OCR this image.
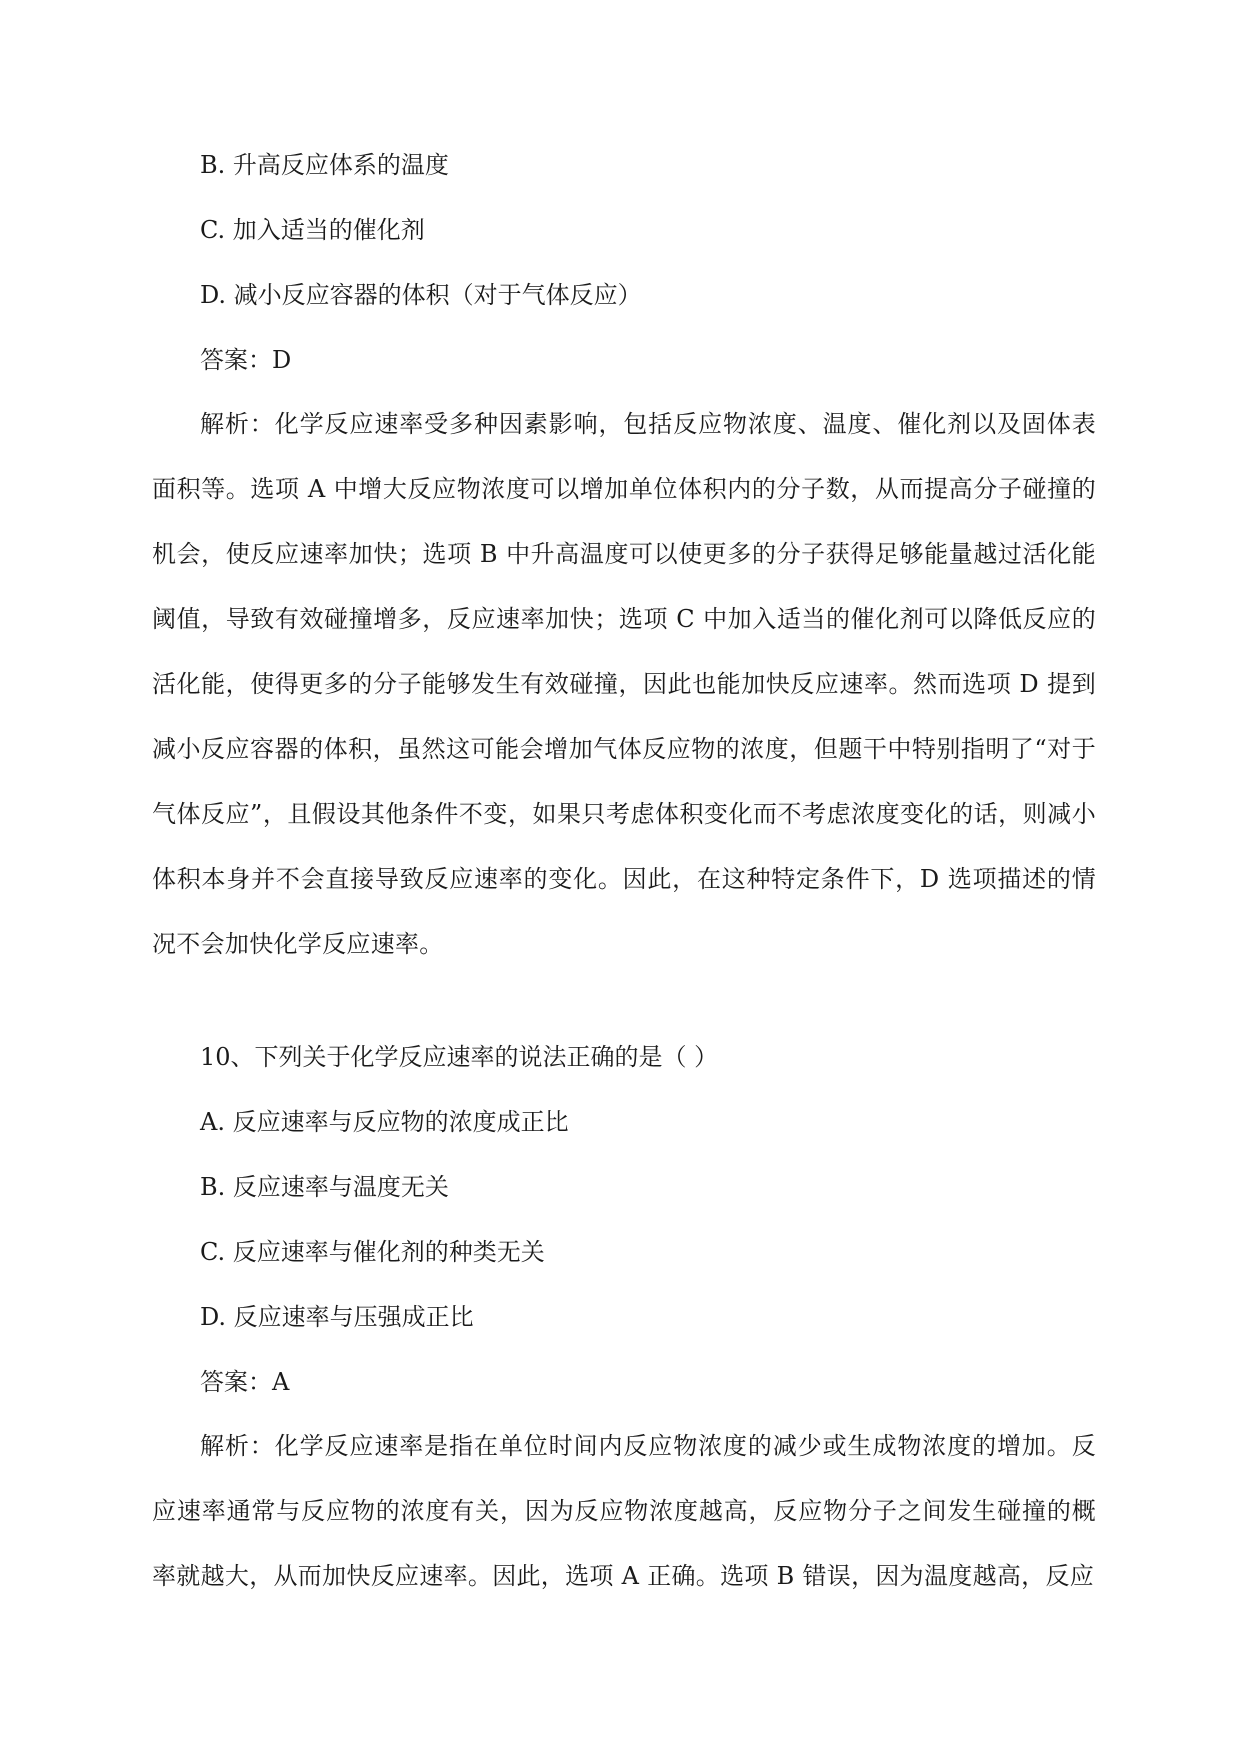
B. 升高反应体系的温度
C. 加入适当的催化剂
D. 减小反应容器的体积（对于气体反应）
答案：D
解析：化学反应速率受多种因素影响，包括反应物浓度、温度、催化剂以及固体表面积等。选项 A 中增大反应物浓度可以增加单位体积内的分子数，从而提高分子碰撞的机会，使反应速率加快；选项 B 中升高温度可以使更多的分子获得足够能量越过活化能阈值，导致有效碰撞增多，反应速率加快；选项 C 中加入适当的催化剂可以降低反应的活化能，使得更多的分子能够发生有效碰撞，因此也能加快反应速率。然而选项 D 提到减小反应容器的体积，虽然这可能会增加气体反应物的浓度，但题干中特别指明了“对于气体反应”，且假设其他条件不变，如果只考虑体积变化而不考虑浓度变化的话，则减小体积本身并不会直接导致反应速率的变化。因此，在这种特定条件下，D 选项描述的情况不会加快化学反应速率。
10、下列关于化学反应速率的说法正确的是（ ）
A. 反应速率与反应物的浓度成正比
B. 反应速率与温度无关
C. 反应速率与催化剂的种类无关
D. 反应速率与压强成正比
答案：A
解析：化学反应速率是指在单位时间内反应物浓度的减少或生成物浓度的增加。反应速率通常与反应物的浓度有关，因为反应物浓度越高，反应物分子之间发生碰撞的概率就越大，从而加快反应速率。因此，选项 A 正确。选项 B 错误，因为温度越高，反应
